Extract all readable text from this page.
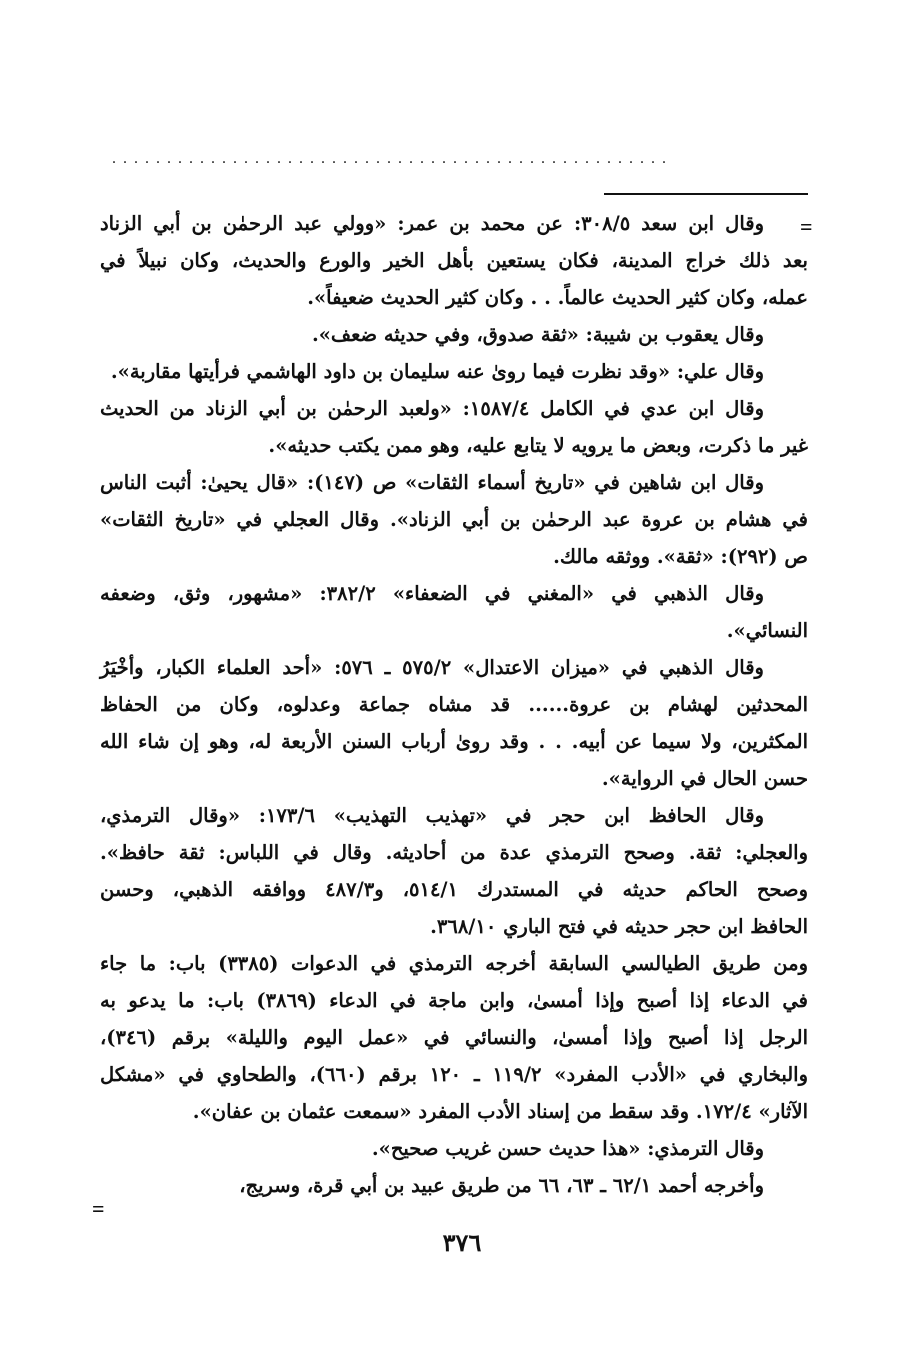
...................................................
=
وقال ابن سعد ٣٠٨/٥: عن محمد بن عمر: «وولي عبد الرحمٰن بن أبي الزناد
بعد ذلك خراج المدينة، فكان يستعين بأهل الخير والورع والحديث، وكان نبيلاً في
عمله، وكان كثير الحديث عالماً. . . وكان كثير الحديث ضعيفاً».
وقال يعقوب بن شيبة: «ثقة صدوق، وفي حديثه ضعف».
وقال علي: «وقد نظرت فيما روىٰ عنه سليمان بن داود الهاشمي فرأيتها مقاربة».
وقال ابن عدي في الكامل ١٥٨٧/٤: «ولعبد الرحمٰن بن أبي الزناد من الحديث
غير ما ذكرت، وبعض ما يرويه لا يتابع عليه، وهو ممن يكتب حديثه».
وقال ابن شاهين في «تاريخ أسماء الثقات» ص (١٤٧): «قال يحيىٰ: أثبت الناس
في هشام بن عروة عبد الرحمٰن بن أبي الزناد». وقال العجلي في «تاريخ الثقات»
ص (٢٩٢): «ثقة». ووثقه مالك.
وقال الذهبي في «المغني في الضعفاء» ٣٨٢/٢: «مشهور، وثق، وضعفه
النسائي».
وقال الذهبي في «ميزان الاعتدال» ٥٧٥/٢ ـ ٥٧٦: «أحد العلماء الكبار، وأخْيَرُ
المحدثين لهشام بن عروة...... قد مشاه جماعة وعدلوه، وكان من الحفاظ
المكثرين، ولا سيما عن أبيه. . . وقد روىٰ أرباب السنن الأربعة له، وهو إن شاء الله
حسن الحال في الرواية».
وقال الحافظ ابن حجر في «تهذيب التهذيب» ١٧٣/٦: «وقال الترمذي،
والعجلي: ثقة. وصحح الترمذي عدة من أحاديثه. وقال في اللباس: ثقة حافظ».
وصحح الحاكم حديثه في المستدرك ٥١٤/١، و٤٨٧/٣ ووافقه الذهبي، وحسن
الحافظ ابن حجر حديثه في فتح الباري ٣٦٨/١٠.
ومن طريق الطيالسي السابقة أخرجه الترمذي في الدعوات (٣٣٨٥) باب: ما جاء
في الدعاء إذا أصبح وإذا أمسىٰ، وابن ماجة في الدعاء (٣٨٦٩) باب: ما يدعو به
الرجل إذا أصبح وإذا أمسىٰ، والنسائي في «عمل اليوم والليلة» برقم (٣٤٦)،
والبخاري في «الأدب المفرد» ١١٩/٢ ـ ١٢٠ برقم (٦٦٠)، والطحاوي في «مشكل
الآثار» ١٧٢/٤. وقد سقط من إسناد الأدب المفرد «سمعت عثمان بن عفان».
وقال الترمذي: «هذا حديث حسن غريب صحيح».
وأخرجه أحمد ٦٢/١ ـ ٦٣، ٦٦ من طريق عبيد بن أبي قرة، وسريج،
=
٣٧٦
